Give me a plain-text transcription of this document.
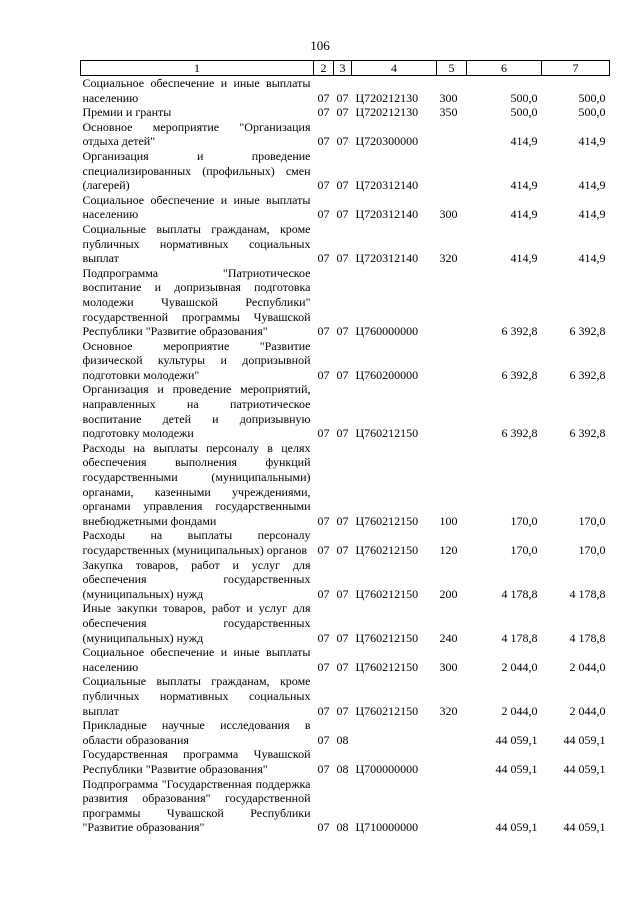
106
1	2	3	4	5	6	7
Социальное обеспечение и иные выплаты населению	07	07	Ц720212130	300	500,0	500,0
Премии и гранты	07	07	Ц720212130	350	500,0	500,0
Основное мероприятие "Организация отдыха детей"	07	07	Ц720300000		414,9	414,9
Организация и проведение специализированных (профильных) смен (лагерей)	07	07	Ц720312140		414,9	414,9
Социальное обеспечение и иные выплаты населению	07	07	Ц720312140	300	414,9	414,9
Социальные выплаты гражданам, кроме публичных нормативных социальных выплат	07	07	Ц720312140	320	414,9	414,9
Подпрограмма "Патриотическое воспитание и допризывная подготовка молодежи Чувашской Республики" государственной программы Чувашской Республики "Развитие образования"	07	07	Ц760000000		6 392,8	6 392,8
Основное мероприятие "Развитие физической культуры и допризывной подготовки молодежи"	07	07	Ц760200000		6 392,8	6 392,8
Организация и проведение мероприятий, направленных на патриотическое воспитание детей и допризывную подготовку молодежи	07	07	Ц760212150		6 392,8	6 392,8
Расходы на выплаты персоналу в целях обеспечения выполнения функций государственными (муниципальными) органами, казенными учреждениями, органами управления государственными внебюджетными фондами	07	07	Ц760212150	100	170,0	170,0
Расходы на выплаты персоналу государственных (муниципальных) органов	07	07	Ц760212150	120	170,0	170,0
Закупка товаров, работ и услуг для обеспечения государственных (муниципальных) нужд	07	07	Ц760212150	200	4 178,8	4 178,8
Иные закупки товаров, работ и услуг для обеспечения государственных (муниципальных) нужд	07	07	Ц760212150	240	4 178,8	4 178,8
Социальное обеспечение и иные выплаты населению	07	07	Ц760212150	300	2 044,0	2 044,0
Социальные выплаты гражданам, кроме публичных нормативных социальных выплат	07	07	Ц760212150	320	2 044,0	2 044,0
Прикладные научные исследования в области образования	07	08			44 059,1	44 059,1
Государственная программа Чувашской Республики "Развитие образования"	07	08	Ц700000000		44 059,1	44 059,1
Подпрограмма "Государственная поддержка развития образования" государственной программы Чувашской Республики "Развитие образования"	07	08	Ц710000000		44 059,1	44 059,1
